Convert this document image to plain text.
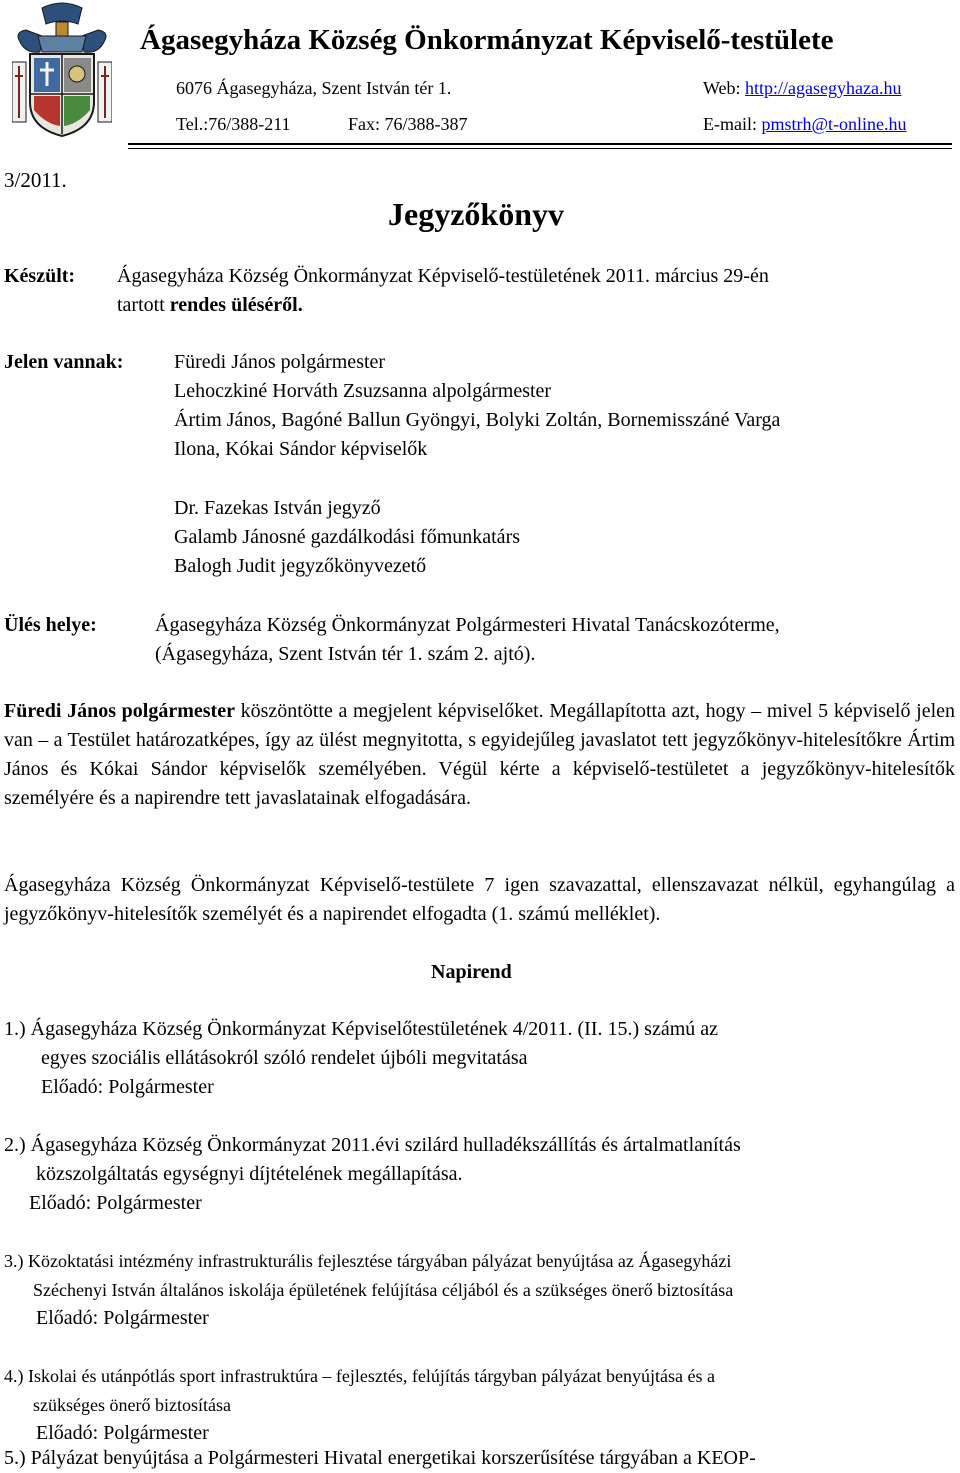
Ágasegyháza Község Önkormányzat Képviselő-testülete
6076 Ágasegyháza, Szent István tér 1.	Web: http://agasegyhaza.hu
Tel.:76/388-211	Fax: 76/388-387	E-mail: pmstrh@t-online.hu
3/2011.
Jegyzőkönyv
Készült: Ágasegyháza Község Önkormányzat Képviselő-testületének 2011. március 29-én
tartott rendes üléséről.
Jelen vannak:	Füredi János polgármester
Lehoczkiné Horváth Zsuzsanna alpolgármester
Ártim János, Bagóné Ballun Gyöngyi, Bolyki Zoltán, Bornemisszáné Varga
Ilona, Kókai Sándor képviselők
Dr. Fazekas István jegyző
Galamb Jánosné gazdálkodási főmunkatárs
Balogh Judit jegyzőkönyvezető
Ülés helye:	Ágasegyháza Község Önkormányzat Polgármesteri Hivatal Tanácskozóterme,
(Ágasegyháza, Szent István tér 1. szám 2. ajtó).
Füredi János polgármester köszöntötte a megjelent képviselőket. Megállapította azt, hogy – mivel 5 képviselő jelen van – a Testület határozatképes, így az ülést megnyitotta, s egyidejűleg javaslatot tett jegyzőkönyv-hitelesítőkre Ártim János és Kókai Sándor képviselők személyében. Végül kérte a képviselő-testületet a jegyzőkönyv-hitelesítők személyére és a napirendre tett javaslatainak elfogadására.
Ágasegyháza Község Önkormányzat Képviselő-testülete 7 igen szavazattal, ellenszavazat nélkül, egyhangúlag a jegyzőkönyv-hitelesítők személyét és a napirendet elfogadta (1. számú melléklet).
Napirend
1.) Ágasegyháza Község Önkormányzat Képviselőtestületének 4/2011. (II. 15.) számú az
egyes szociális ellátásokról szóló rendelet újbóli megvitatása
Előadó: Polgármester
2.) Ágasegyháza Község Önkormányzat 2011.évi szilárd hulladékszállítás és ártalmatlanítás
közszolgáltatás egységnyi díjtételének megállapítása.
Előadó: Polgármester
3.) Közoktatási intézmény infrastrukturális fejlesztése tárgyában pályázat benyújtása az Ágasegyházi
Széchenyi István általános iskolája épületének felújítása céljából és a szükséges önerő biztosítása
Előadó: Polgármester
4.) Iskolai és utánpótlás sport infrastruktúra – fejlesztés, felújítás tárgyban pályázat benyújtása és a
szükséges önerő biztosítása
Előadó: Polgármester
5.) Pályázat benyújtása a Polgármesteri Hivatal energetikai korszerűsítése tárgyában a KEOP-
